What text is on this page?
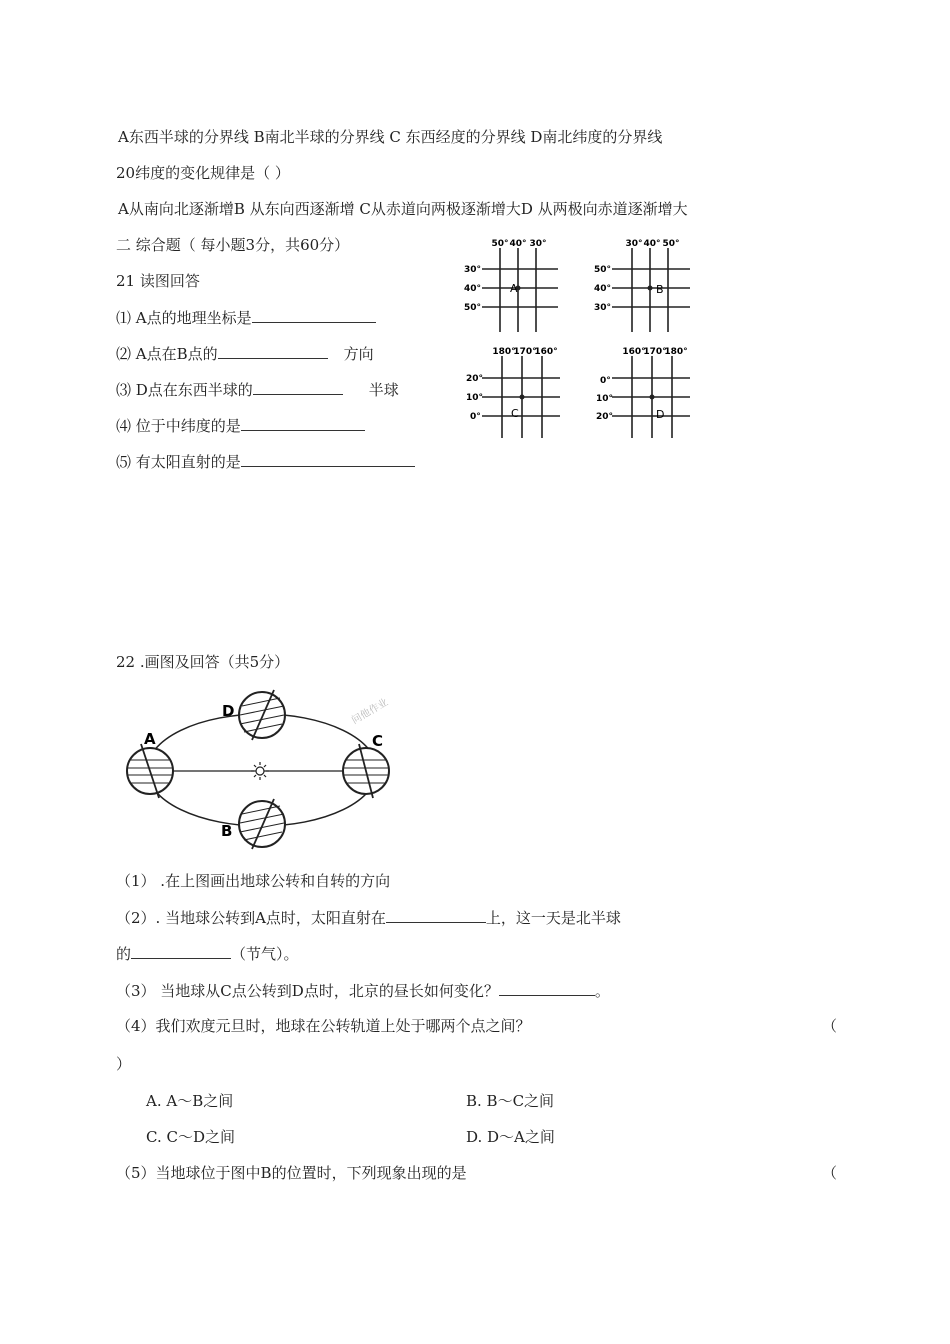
A东西半球的分界线 B南北半球的分界线 C 东西经度的分界线 D南北纬度的分界线
20纬度的变化规律是（ ）
A从南向北逐渐增B 从东向西逐渐增 C从赤道向两极逐渐增大D 从两极向赤道逐渐增大
二 综合题（ 每小题3分，共60分）
21 读图回答
⑴ A点的地理坐标是
⑵ A点在B点的	方向
⑶ D点在东西半球的	半球
⑷ 位于中纬度的是
⑸ 有太阳直射的是
50° 40° 30°
30°
40°
50°
A
30° 40° 50°
50°
40°
30°
B
180°
170°
160°
20°
10°
0°	C
160°
170°
180°
0°
10°
20°	D
22 .画图及回答（共5分）
A
B
C
D	问他作业
（1） .在上图画出地球公转和自转的方向
（2）. 当地球公转到A点时，太阳直射在	上，这一天是北半球
的	（节气）。
（3） 当地球从C点公转到D点时，北京的昼长如何变化？	。
（4）我们欢度元旦时，地球在公转轨道上处于哪两个点之间？	（
）
A. A～B之间	B. B～C之间
C. C～D之间	D. D～A之间
（5）当地球位于图中B的位置时，下列现象出现的是	（
